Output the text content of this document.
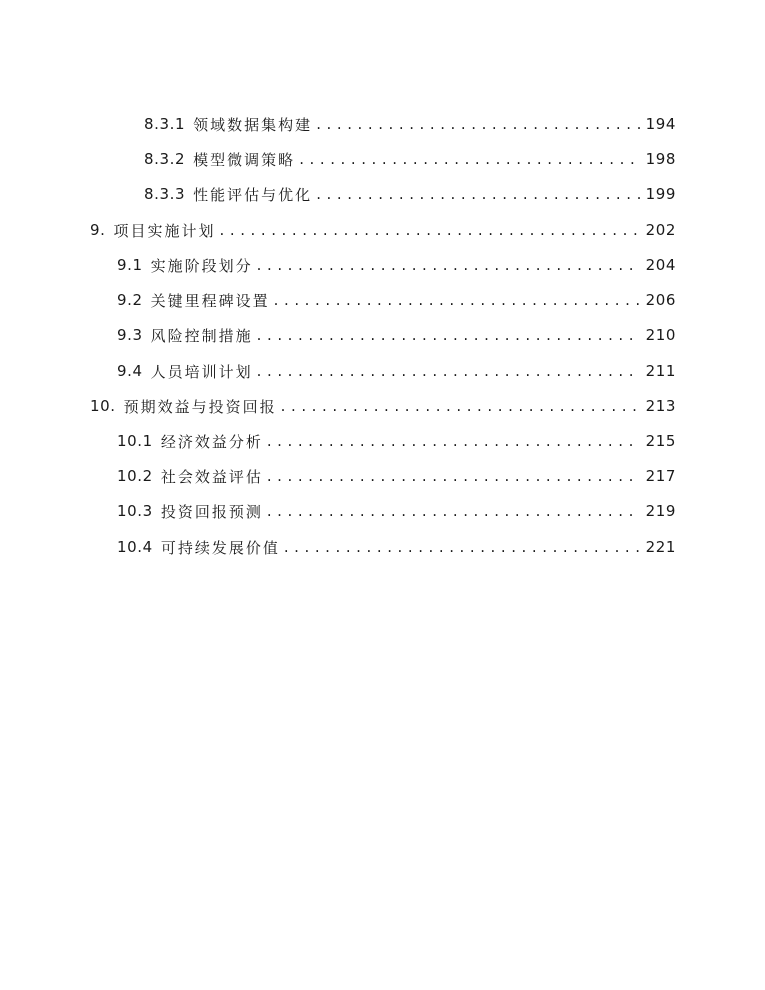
8.3.1 领域数据集构建 . . .	194
8.3.2 模型微调策略 . . .	198
8.3.3 性能评估与优化 . . .	199
9. 项目实施计划 . . .	202
9.1 实施阶段划分 . . .	204
9.2 关键里程碑设置 . . .	206
9.3 风险控制措施 . . .	210
9.4 人员培训计划 . . .	211
10. 预期效益与投资回报 . . .	213
10.1 经济效益分析 . . .	215
10.2 社会效益评估 . . .	217
10.3 投资回报预测 . . .	219
10.4 可持续发展价值 . . .	221
